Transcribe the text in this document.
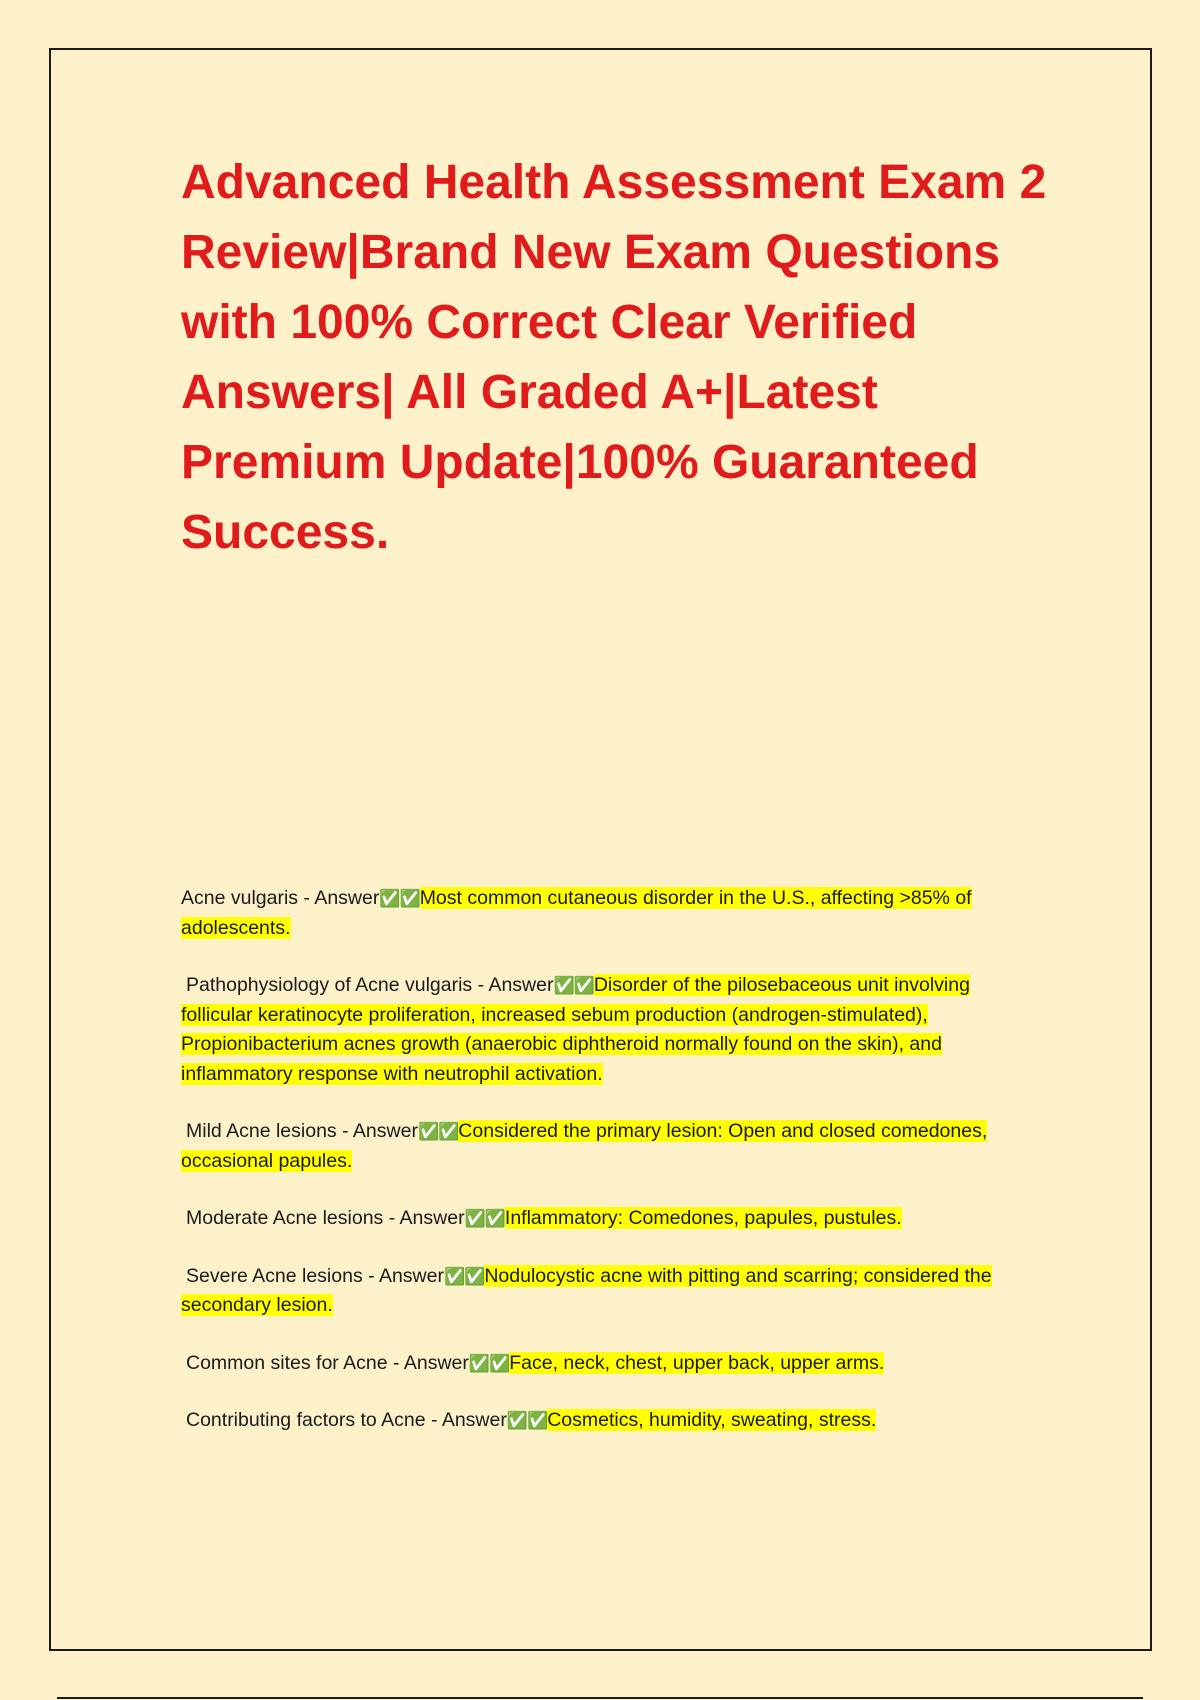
Advanced Health Assessment Exam 2 Review|Brand New Exam Questions with 100% Correct Clear Verified Answers| All Graded A+|Latest Premium Update|100% Guaranteed Success.
Acne vulgaris - Answer✅✅Most common cutaneous disorder in the U.S., affecting >85% of adolescents.
Pathophysiology of Acne vulgaris - Answer✅✅Disorder of the pilosebaceous unit involving follicular keratinocyte proliferation, increased sebum production (androgen-stimulated), Propionibacterium acnes growth (anaerobic diphtheroid normally found on the skin), and inflammatory response with neutrophil activation.
Mild Acne lesions - Answer✅✅Considered the primary lesion: Open and closed comedones, occasional papules.
Moderate Acne lesions - Answer✅✅Inflammatory: Comedones, papules, pustules.
Severe Acne lesions - Answer✅✅Nodulocystic acne with pitting and scarring; considered the secondary lesion.
Common sites for Acne - Answer✅✅Face, neck, chest, upper back, upper arms.
Contributing factors to Acne - Answer✅✅Cosmetics, humidity, sweating, stress.
